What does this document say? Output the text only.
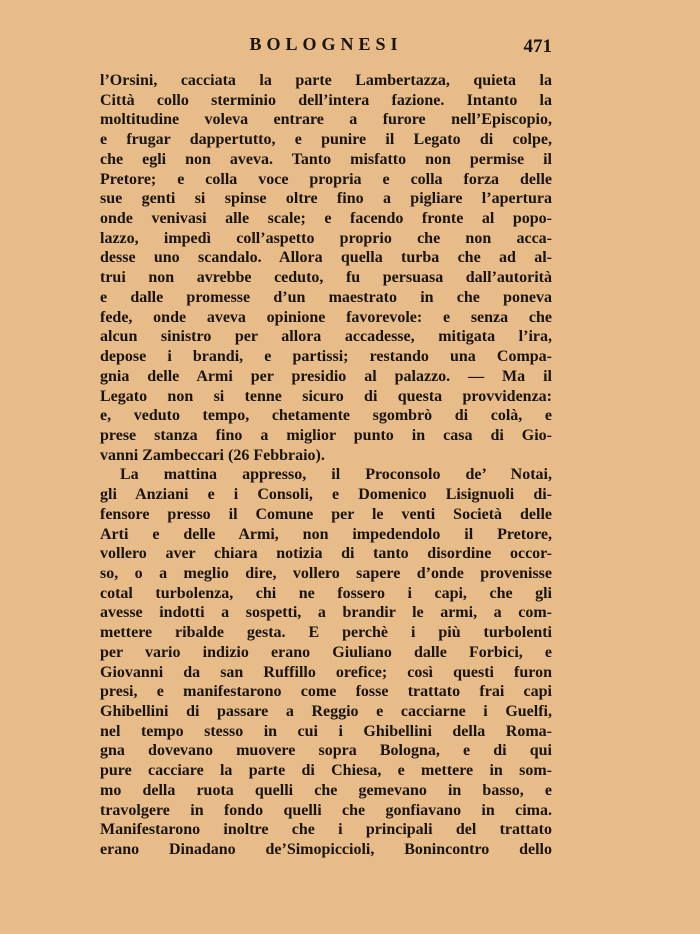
BOLOGNESI	471
l’Orsini, cacciata la parte Lambertazza, quieta la
Città collo sterminio dell’intera fazione. Intanto la
moltitudine voleva entrare a furore nell’Episcopio,
e frugar dappertutto, e punire il Legato di colpe,
che egli non aveva. Tanto misfatto non permise il
Pretore; e colla voce propria e colla forza delle
sue genti si spinse oltre fino a pigliare l’apertura
onde venivasi alle scale; e facendo fronte al popo-
lazzo, impedì coll’aspetto proprio che non acca-
desse uno scandalo. Allora quella turba che ad al-
trui non avrebbe ceduto, fu persuasa dall’autorità
e dalle promesse d’un maestrato in che poneva
fede, onde aveva opinione favorevole: e senza che
alcun sinistro per allora accadesse, mitigata l’ira,
depose i brandi, e partissi; restando una Compa-
gnia delle Armi per presidio al palazzo. — Ma il
Legato non si tenne sicuro di questa provvidenza:
e, veduto tempo, chetamente sgombrò di colà, e
prese stanza fino a miglior punto in casa di Gio-
vanni Zambeccari (26 Febbraio).
La mattina appresso, il Proconsolo de’ Notai,
gli Anziani e i Consoli, e Domenico Lisignuoli di-
fensore presso il Comune per le venti Società delle
Arti e delle Armi, non impedendolo il Pretore,
vollero aver chiara notizia di tanto disordine occor-
so, o a meglio dire, vollero sapere d’onde provenisse
cotal turbolenza, chi ne fossero i capi, che gli
avesse indotti a sospetti, a brandir le armi, a com-
mettere ribalde gesta. E perchè i più turbolenti
per vario indizio erano Giuliano dalle Forbici, e
Giovanni da san Ruffillo orefice; così questi furon
presi, e manifestarono come fosse trattato frai capi
Ghibellini di passare a Reggio e cacciarne i Guelfi,
nel tempo stesso in cui i Ghibellini della Roma-
gna dovevano muovere sopra Bologna, e di qui
pure cacciare la parte di Chiesa, e mettere in som-
mo della ruota quelli che gemevano in basso, e
travolgere in fondo quelli che gonfiavano in cima.
Manifestarono inoltre che i principali del trattato
erano Dinadano de’Simopiccioli, Bonincontro dello
